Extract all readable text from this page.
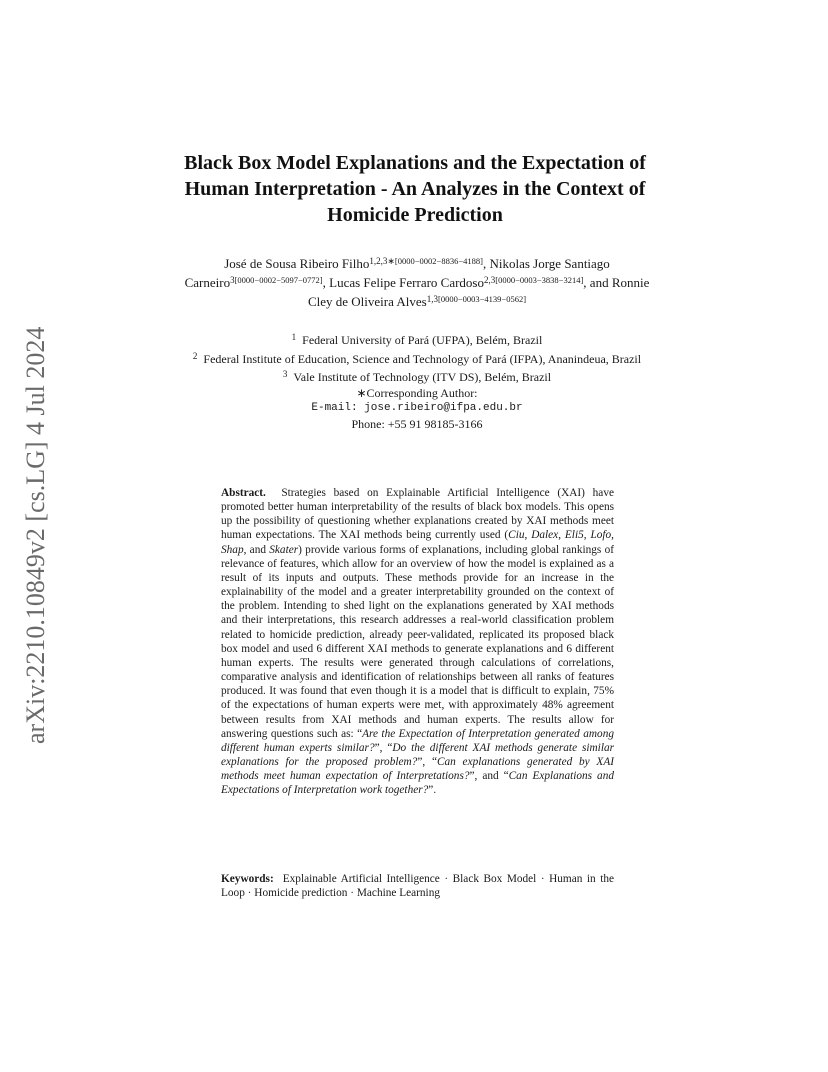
arXiv:2210.10849v2 [cs.LG] 4 Jul 2024
Black Box Model Explanations and the Expectation of Human Interpretation - An Analyzes in the Context of Homicide Prediction
José de Sousa Ribeiro Filho$^{1,2,3∗[0000-0002-8836-4188]}$, Nikolas Jorge Santiago Carneiro$^{3[0000-0002-5097-0772]}$, Lucas Felipe Ferraro Cardoso$^{2,3[0000-0003-3838-3214]}$, and Ronnie Cley de Oliveira Alves$^{1,3[0000-0003-4139-0562]}$
$^1$ Federal University of Pará (UFPA), Belém, Brazil
$^2$ Federal Institute of Education, Science and Technology of Pará (IFPA), Ananindeua, Brazil
$^3$ Vale Institute of Technology (ITV DS), Belém, Brazil
∗Corresponding Author:
E-mail: jose.ribeiro@ifpa.edu.br
Phone: +55 91 98185-3166
Abstract. Strategies based on Explainable Artificial Intelligence (XAI) have promoted better human interpretability of the results of black box models. This opens up the possibility of questioning whether explanations created by XAI methods meet human expectations. The XAI methods being currently used (Ciu, Dalex, Eli5, Lofo, Shap, and Skater) provide various forms of explanations, including global rankings of relevance of features, which allow for an overview of how the model is explained as a result of its inputs and outputs. These methods provide for an increase in the explainability of the model and a greater interpretability grounded on the context of the problem. Intending to shed light on the explanations generated by XAI methods and their interpretations, this research addresses a real-world classification problem related to homicide prediction, already peer-validated, replicated its proposed black box model and used 6 different XAI methods to generate explanations and 6 different human experts. The results were generated through calculations of correlations, comparative analysis and identification of relationships between all ranks of features produced. It was found that even though it is a model that is difficult to explain, 75% of the expectations of human experts were met, with approximately 48% agreement between results from XAI methods and human experts. The results allow for answering questions such as: “Are the Expectation of Interpretation generated among different human experts similar?”, “Do the different XAI methods generate similar explanations for the proposed problem?”, “Can explanations generated by XAI methods meet human expectation of Interpretations?”, and “Can Explanations and Expectations of Interpretation work together?”.
Keywords: Explainable Artificial Intelligence · Black Box Model · Human in the Loop · Homicide prediction · Machine Learning
